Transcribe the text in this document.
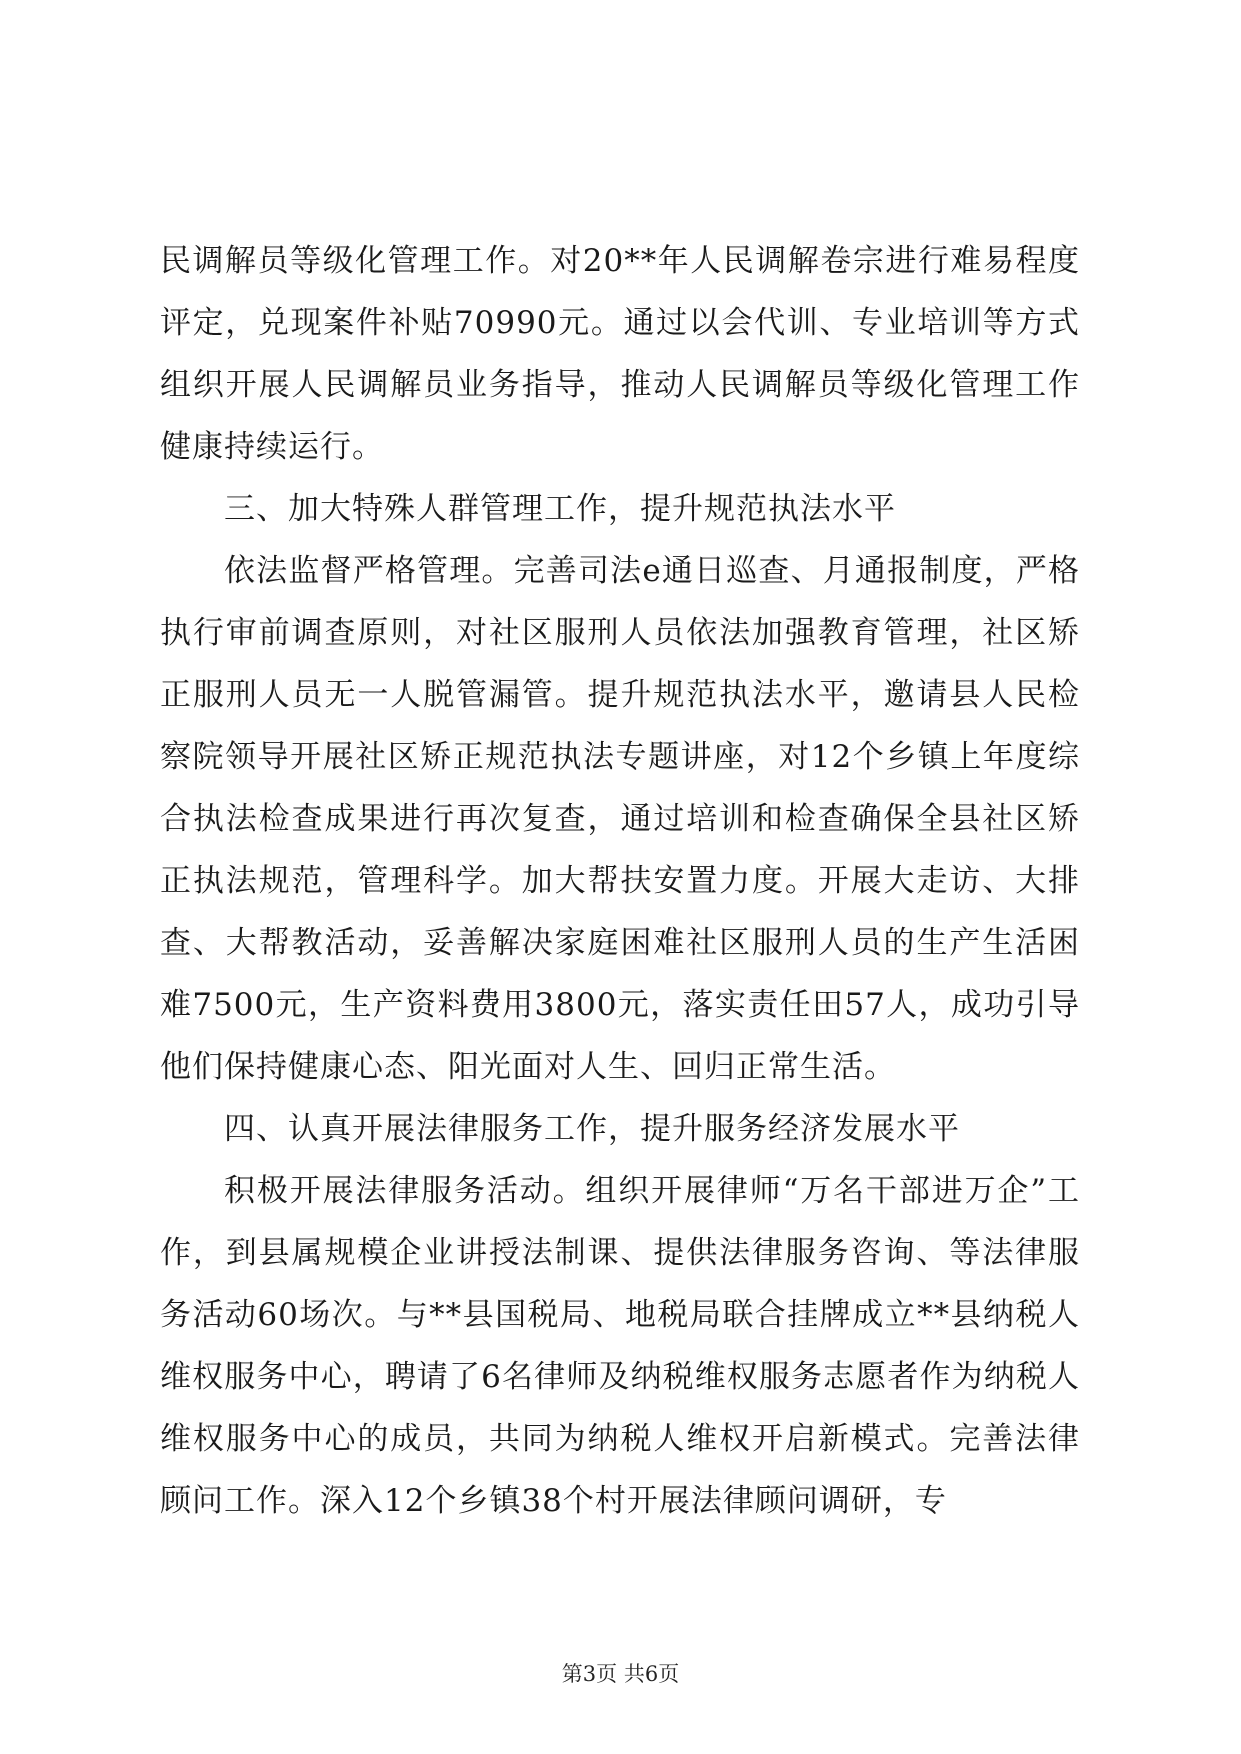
民调解员等级化管理工作。对20**年人民调解卷宗进行难易程度评定，兑现案件补贴70990元。通过以会代训、专业培训等方式组织开展人民调解员业务指导，推动人民调解员等级化管理工作健康持续运行。

三、加大特殊人群管理工作，提升规范执法水平

依法监督严格管理。完善司法e通日巡查、月通报制度，严格执行审前调查原则，对社区服刑人员依法加强教育管理，社区矫正服刑人员无一人脱管漏管。提升规范执法水平，邀请县人民检察院领导开展社区矫正规范执法专题讲座，对12个乡镇上年度综合执法检查成果进行再次复查，通过培训和检查确保全县社区矫正执法规范，管理科学。加大帮扶安置力度。开展大走访、大排查、大帮教活动，妥善解决家庭困难社区服刑人员的生产生活困难7500元，生产资料费用3800元，落实责任田57人，成功引导他们保持健康心态、阳光面对人生、回归正常生活。

四、认真开展法律服务工作，提升服务经济发展水平

积极开展法律服务活动。组织开展律师“万名干部进万企”工作，到县属规模企业讲授法制课、提供法律服务咨询、等法律服务活动60场次。与**县国税局、地税局联合挂牌成立**县纳税人维权服务中心，聘请了6名律师及纳税维权服务志愿者作为纳税人维权服务中心的成员，共同为纳税人维权开启新模式。完善法律顾问工作。深入12个乡镇38个村开展法律顾问调研，专

第3页 共6页
